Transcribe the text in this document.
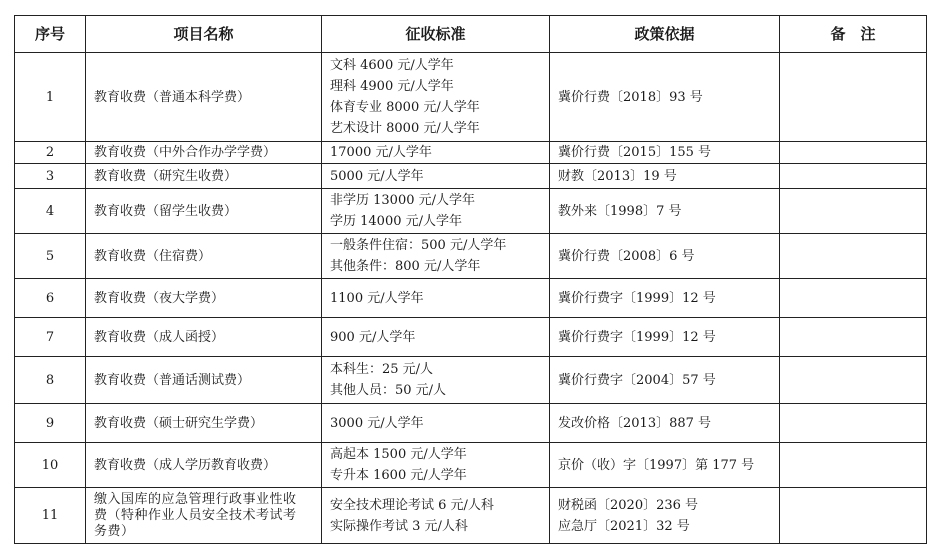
序号	项目名称	征收标准	政策依据	备　注
1	教育收费（普通本科学费）	文科 4600 元/人学年
理科 4900 元/人学年
体育专业 8000 元/人学年
艺术设计 8000 元/人学年	冀价行费〔2018〕93 号	

2	教育收费（中外合作办学学费）	17000 元/人学年	冀价行费〔2015〕155 号	

3	教育收费（研究生收费）	5000 元/人学年	财教〔2013〕19 号	

4	教育收费（留学生收费）	非学历 13000 元/人学年
学历 14000 元/人学年	教外来〔1998〕7 号	

5	教育收费（住宿费）	一般条件住宿：500 元/人学年
其他条件：800 元/人学年	冀价行费〔2008〕6 号	

6	教育收费（夜大学费）	1100 元/人学年	冀价行费字〔1999〕12 号	

7	教育收费（成人函授）	900 元/人学年	冀价行费字〔1999〕12 号	

8	教育收费（普通话测试费）	本科生：25 元/人
其他人员：50 元/人	冀价行费字〔2004〕57 号	

9	教育收费（硕士研究生学费）	3000 元/人学年	发改价格〔2013〕887 号	

10	教育收费（成人学历教育收费）	高起本 1500 元/人学年
专升本 1600 元/人学年	京价（收）字〔1997〕第 177 号	

11	缴入国库的应急管理行政事业性收
费（特种作业人员安全技术考试考
务费）	安全技术理论考试 6 元/人科
实际操作考试 3 元/人科	财税函〔2020〕236 号
应急厅〔2021〕32 号	
